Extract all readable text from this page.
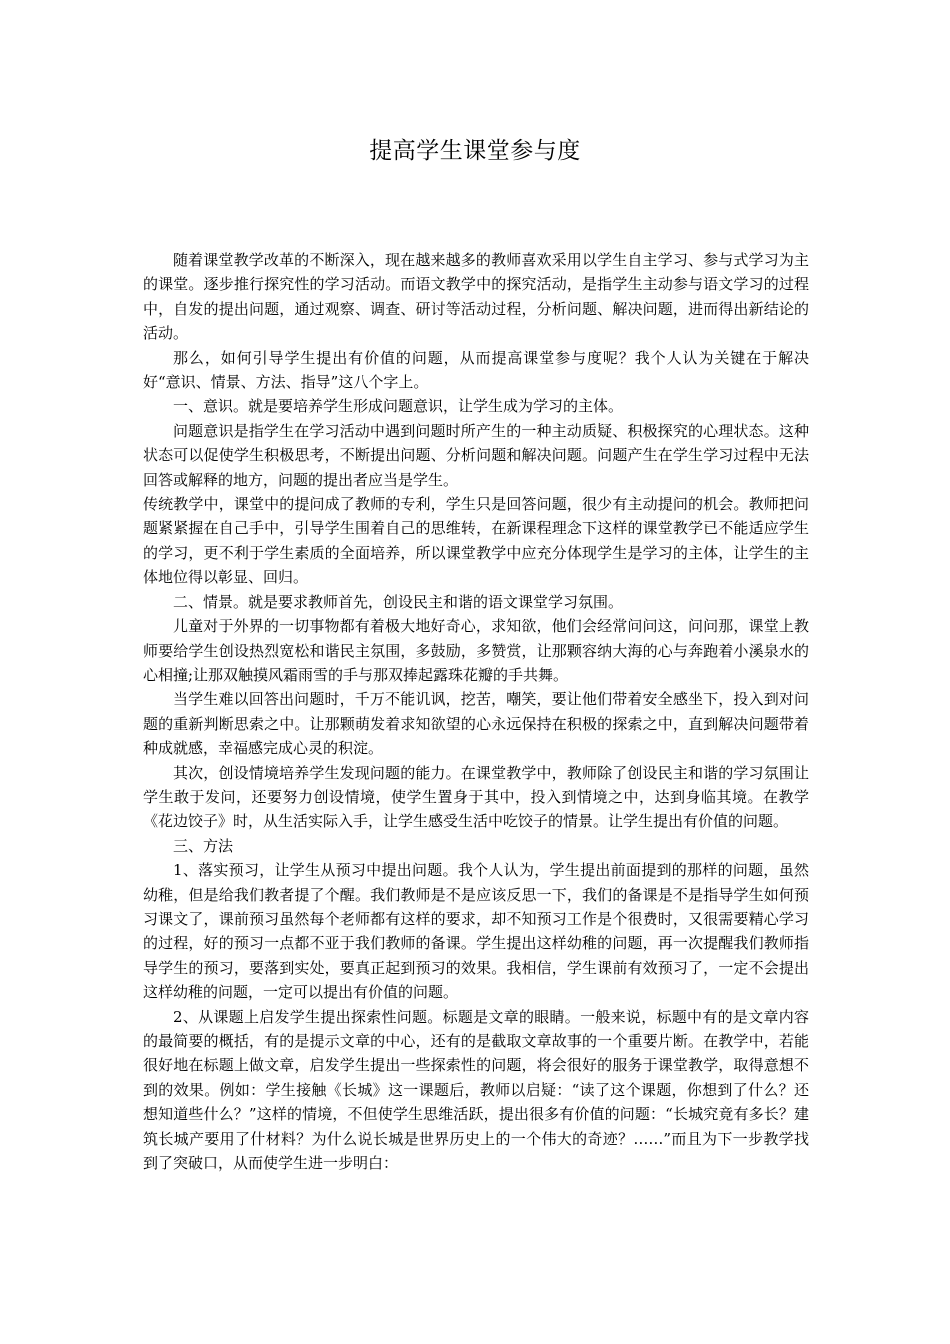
提高学生课堂参与度

随着课堂教学改革的不断深入，现在越来越多的教师喜欢采用以学生自主学习、参与式学习为主的课堂。逐步推行探究性的学习活动。而语文教学中的探究活动，是指学生主动参与语文学习的过程中，自发的提出问题，通过观察、调查、研讨等活动过程，分析问题、解决问题，进而得出新结论的活动。

那么，如何引导学生提出有价值的问题，从而提高课堂参与度呢？我个人认为关键在于解决好“意识、情景、方法、指导”这八个字上。

一、意识。就是要培养学生形成问题意识，让学生成为学习的主体。

问题意识是指学生在学习活动中遇到问题时所产生的一种主动质疑、积极探究的心理状态。这种状态可以促使学生积极思考，不断提出问题、分析问题和解决问题。问题产生在学生学习过程中无法回答或解释的地方，问题的提出者应当是学生。

传统教学中，课堂中的提问成了教师的专利，学生只是回答问题，很少有主动提问的机会。教师把问题紧紧握在自己手中，引导学生围着自己的思维转，在新课程理念下这样的课堂教学已不能适应学生的学习，更不利于学生素质的全面培养，所以课堂教学中应充分体现学生是学习的主体，让学生的主体地位得以彰显、回归。

二、情景。就是要求教师首先，创设民主和谐的语文课堂学习氛围。

儿童对于外界的一切事物都有着极大地好奇心，求知欲，他们会经常问问这，问问那，课堂上教师要给学生创设热烈宽松和谐民主氛围，多鼓励，多赞赏，让那颗容纳大海的心与奔跑着小溪泉水的心相撞;让那双触摸风霜雨雪的手与那双捧起露珠花瓣的手共舞。

当学生难以回答出问题时，千万不能讥讽，挖苦，嘲笑，要让他们带着安全感坐下，投入到对问题的重新判断思索之中。让那颗萌发着求知欲望的心永远保持在积极的探索之中，直到解决问题带着种成就感，幸福感完成心灵的积淀。

其次，创设情境培养学生发现问题的能力。在课堂教学中，教师除了创设民主和谐的学习氛围让学生敢于发问，还要努力创设情境，使学生置身于其中，投入到情境之中，达到身临其境。在教学《花边饺子》时，从生活实际入手，让学生感受生活中吃饺子的情景。让学生提出有价值的问题。

三、方法

1、落实预习，让学生从预习中提出问题。我个人认为，学生提出前面提到的那样的问题，虽然幼稚，但是给我们教者提了个醒。我们教师是不是应该反思一下，我们的备课是不是指导学生如何预习课文了，课前预习虽然每个老师都有这样的要求，却不知预习工作是个很费时，又很需要精心学习的过程，好的预习一点都不亚于我们教师的备课。学生提出这样幼稚的问题，再一次提醒我们教师指导学生的预习，要落到实处，要真正起到预习的效果。我相信，学生课前有效预习了，一定不会提出这样幼稚的问题，一定可以提出有价值的问题。

2、从课题上启发学生提出探索性问题。标题是文章的眼睛。一般来说，标题中有的是文章内容的最简要的概括，有的是提示文章的中心，还有的是截取文章故事的一个重要片断。在教学中，若能很好地在标题上做文章，启发学生提出一些探索性的问题，将会很好的服务于课堂教学，取得意想不到的效果。例如：学生接触《长城》这一课题后，教师以启疑：“读了这个课题，你想到了什么？还想知道些什么？”这样的情境，不但使学生思维活跃，提出很多有价值的问题：“长城究竟有多长？建筑长城产要用了什材料？为什么说长城是世界历史上的一个伟大的奇迹？……”而且为下一步教学找到了突破口，从而使学生进一步明白：
